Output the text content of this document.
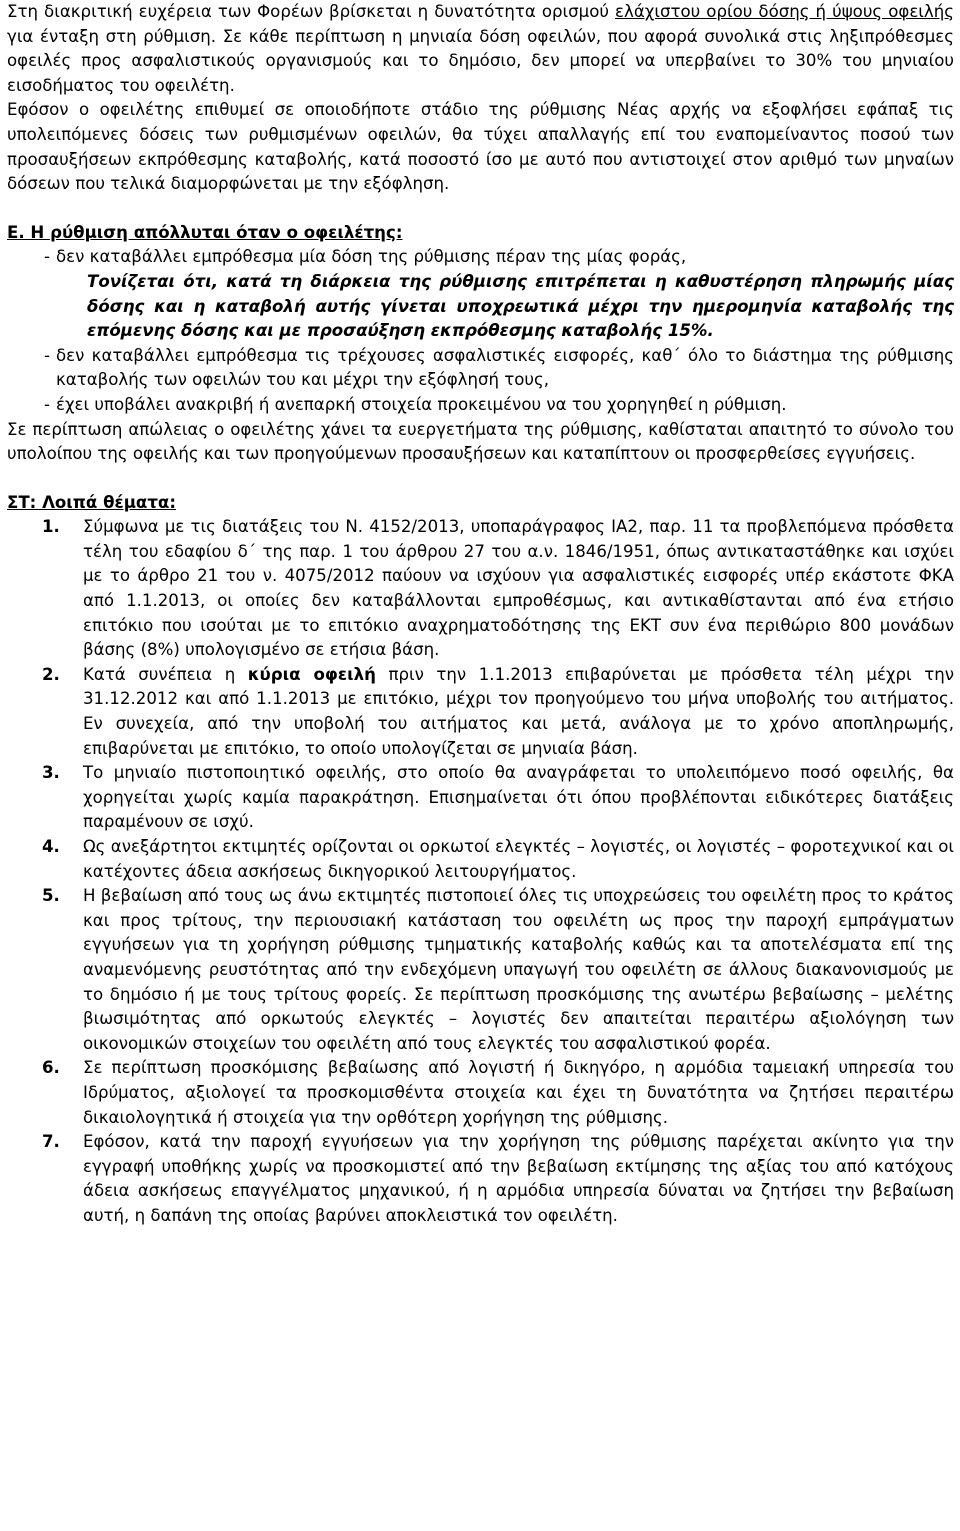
Στη διακριτική ευχέρεια των Φορέων βρίσκεται η δυνατότητα ορισμού ελάχιστου ορίου δόσης ή ύψους οφειλής για ένταξη στη ρύθμιση. Σε κάθε περίπτωση η μηνιαία δόση οφειλών, που αφορά συνολικά στις ληξιπρόθεσμες οφειλές προς ασφαλιστικούς οργανισμούς και το δημόσιο, δεν μπορεί να υπερβαίνει το 30% του μηνιαίου εισοδήματος του οφειλέτη.

Εφόσον ο οφειλέτης επιθυμεί σε οποιοδήποτε στάδιο της ρύθμισης Νέας αρχής να εξοφλήσει εφάπαξ τις υπολειπόμενες δόσεις των ρυθμισμένων οφειλών, θα τύχει απαλλαγής επί του εναπομείναντος ποσού των προσαυξήσεων εκπρόθεσμης καταβολής, κατά ποσοστό ίσο με αυτό που αντιστοιχεί στον αριθμό των μηναίων δόσεων που τελικά διαμορφώνεται με την εξόφληση.

Ε. Η ρύθμιση απόλλυται όταν ο οφειλέτης:

- δεν καταβάλλει εμπρόθεσμα μία δόση της ρύθμισης πέραν της μίας φοράς,

Τονίζεται ότι, κατά τη διάρκεια της ρύθμισης επιτρέπεται η καθυστέρηση πληρωμής μίας δόσης και η καταβολή αυτής γίνεται υποχρεωτικά μέχρι την ημερομηνία καταβολής της επόμενης δόσης και με προσαύξηση εκπρόθεσμης καταβολής 15%.

- δεν καταβάλλει εμπρόθεσμα τις τρέχουσες ασφαλιστικές εισφορές, καθ΄ όλο το διάστημα της ρύθμισης καταβολής των οφειλών του και μέχρι την εξόφλησή τους,
- έχει υποβάλει ανακριβή ή ανεπαρκή στοιχεία προκειμένου να του χορηγηθεί η ρύθμιση.

Σε περίπτωση απώλειας ο οφειλέτης χάνει τα ευεργετήματα της ρύθμισης, καθίσταται απαιτητό το σύνολο του υπολοίπου της οφειλής και των προηγούμενων προσαυξήσεων και καταπίπτουν οι προσφερθείσες εγγυήσεις.

ΣΤ: Λοιπά θέματα:

1.	Σύμφωνα με τις διατάξεις του Ν. 4152/2013, υποπαράγραφος ΙΑ2, παρ. 11 τα προβλεπόμενα πρόσθετα τέλη του εδαφίου δ΄ της παρ. 1 του άρθρου 27 του α.ν. 1846/1951, όπως αντικαταστάθηκε και ισχύει με το άρθρο 21 του ν. 4075/2012 παύουν να ισχύουν για ασφαλιστικές εισφορές υπέρ εκάστοτε ΦΚΑ από 1.1.2013, οι οποίες δεν καταβάλλονται εμπροθέσμως, και αντικαθίστανται από ένα ετήσιο επιτόκιο που ισούται με το επιτόκιο αναχρηματοδότησης της ΕΚΤ συν ένα περιθώριο 800 μονάδων βάσης (8%) υπολογισμένο σε ετήσια βάση.
2.	Κατά συνέπεια η κύρια οφειλή πριν την 1.1.2013 επιβαρύνεται με πρόσθετα τέλη μέχρι την 31.12.2012 και από 1.1.2013 με επιτόκιο, μέχρι τον προηγούμενο του μήνα υποβολής του αιτήματος. Εν συνεχεία, από την υποβολή του αιτήματος και μετά, ανάλογα με το χρόνο αποπληρωμής, επιβαρύνεται με επιτόκιο, το οποίο υπολογίζεται σε μηνιαία βάση.
3.	Το μηνιαίο πιστοποιητικό οφειλής, στο οποίο θα αναγράφεται το υπολειπόμενο ποσό οφειλής, θα χορηγείται χωρίς καμία παρακράτηση. Επισημαίνεται ότι όπου προβλέπονται ειδικότερες διατάξεις παραμένουν σε ισχύ.
4.	Ως ανεξάρτητοι εκτιμητές ορίζονται οι ορκωτοί ελεγκτές – λογιστές, οι λογιστές – φοροτεχνικοί και οι κατέχοντες άδεια ασκήσεως δικηγορικού λειτουργήματος.
5.	Η βεβαίωση από τους ως άνω εκτιμητές πιστοποιεί όλες τις υποχρεώσεις του οφειλέτη προς το κράτος και προς τρίτους, την περιουσιακή κατάσταση του οφειλέτη ως προς την παροχή εμπράγματων εγγυήσεων για τη χορήγηση ρύθμισης τμηματικής καταβολής καθώς και τα αποτελέσματα επί της αναμενόμενης ρευστότητας από την ενδεχόμενη υπαγωγή του οφειλέτη σε άλλους διακανονισμούς με το δημόσιο ή με τους τρίτους φορείς. Σε περίπτωση προσκόμισης της ανωτέρω βεβαίωσης – μελέτης βιωσιμότητας από ορκωτούς ελεγκτές – λογιστές δεν απαιτείται περαιτέρω αξιολόγηση των οικονομικών στοιχείων του οφειλέτη από τους ελεγκτές του ασφαλιστικού φορέα.
6.	Σε περίπτωση προσκόμισης βεβαίωσης από λογιστή ή δικηγόρο, η αρμόδια ταμειακή υπηρεσία του Ιδρύματος, αξιολογεί τα προσκομισθέντα στοιχεία και έχει τη δυνατότητα να ζητήσει περαιτέρω δικαιολογητικά ή στοιχεία για την ορθότερη χορήγηση της ρύθμισης.
7.	Εφόσον, κατά την παροχή εγγυήσεων για την χορήγηση της ρύθμισης παρέχεται ακίνητο για την εγγραφή υποθήκης χωρίς να προσκομιστεί από την βεβαίωση εκτίμησης της αξίας του από κατόχους άδεια ασκήσεως επαγγέλματος μηχανικού, ή η αρμόδια υπηρεσία δύναται να ζητήσει την βεβαίωση αυτή, η δαπάνη της οποίας βαρύνει αποκλειστικά τον οφειλέτη.
